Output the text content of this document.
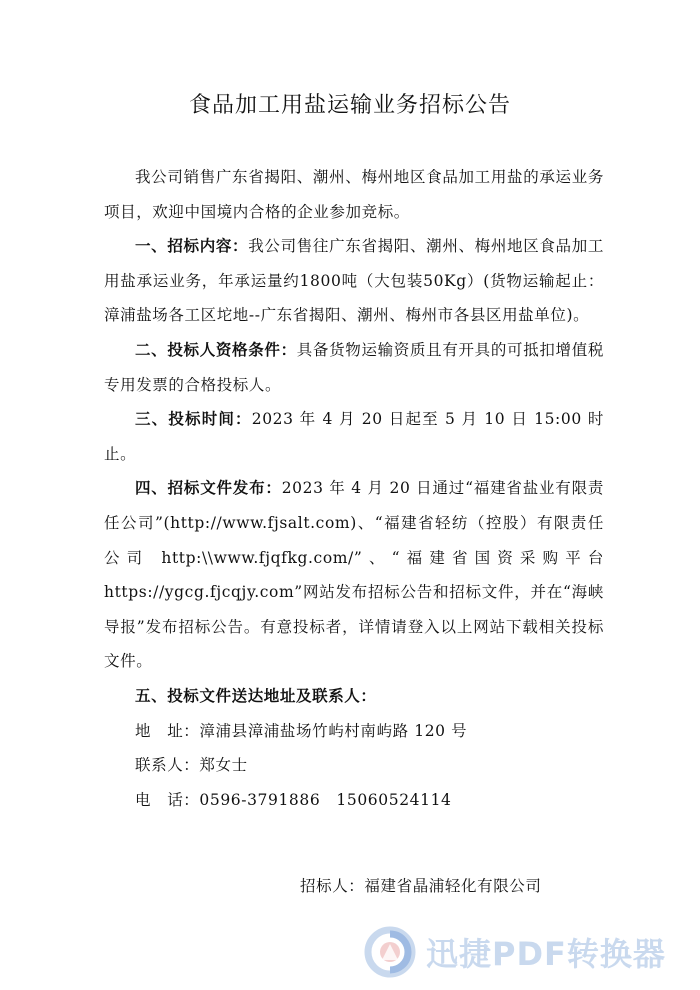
食品加工用盐运输业务招标公告

我公司销售广东省揭阳、潮州、梅州地区食品加工用盐的承运业务项目，欢迎中国境内合格的企业参加竞标。

一、招标内容：我公司售往广东省揭阳、潮州、梅州地区食品加工用盐承运业务，年承运量约1800吨（大包装50Kg）(货物运输起止：漳浦盐场各工区坨地--广东省揭阳、潮州、梅州市各县区用盐单位)。

二、投标人资格条件：具备货物运输资质且有开具的可抵扣增值税专用发票的合格投标人。

三、投标时间：2023 年 4 月 20 日起至 5 月 10 日 15:00 时止。

四、招标文件发布：2023 年 4 月 20 日通过“福建省盐业有限责任公司”(http://www.fjsalt.com)、“福建省轻纺（控股）有限责任公司 http:\\www.fjqfkg.com/”、“福建省国资采购平台 https://ygcg.fjcqjy.com”网站发布招标公告和招标文件，并在“海峡导报”发布招标公告。有意投标者，详情请登入以上网站下载相关投标文件。

五、投标文件送达地址及联系人：

地　址：漳浦县漳浦盐场竹屿村南屿路 120 号

联系人：郑女士

电　话：0596-3791886　15060524114

招标人：福建省晶浦轻化有限公司
迅捷PDF转换器
